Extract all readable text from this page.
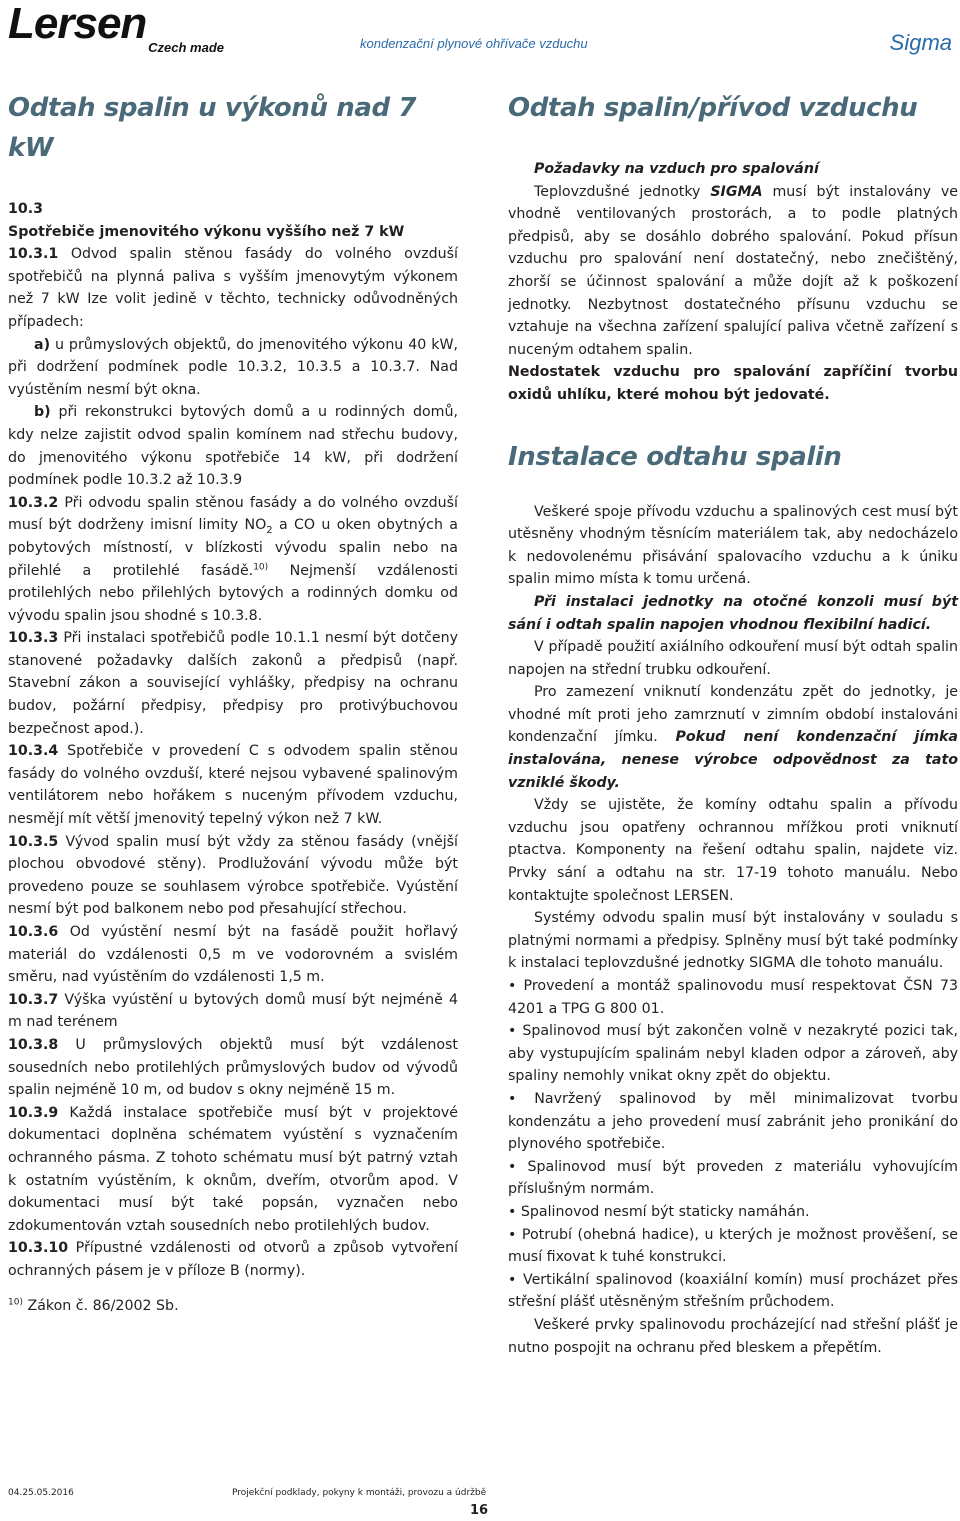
Lersen Czech made	kondenzační plynové ohřívače vzduchu	Sigma
Odtah spalin u výkonů nad 7 kW

10.3

Spotřebiče jmenovitého výkonu vyššího než 7 kW

10.3.1 Odvod spalin stěnou fasády do volného ovzduší spotřebičů na plynná paliva s vyšším jmenovytým výkonem než 7 kW Ize volit jedině v těchto, technicky odůvodněných případech:

a) u průmyslových objektů, do jmenovitého výkonu 40 kW, při dodržení podmínek podle 10.3.2, 10.3.5 a 10.3.7. Nad vyústěním nesmí být okna.

b) při rekonstrukci bytových domů a u rodinných domů, kdy nelze zajistit odvod spalin komínem nad střechu budovy, do jmenovitého výkonu spotřebiče 14 kW, při dodržení podmínek podle 10.3.2 až 10.3.9

10.3.2 Při odvodu spalin stěnou fasády a do volného ovzduší musí být dodrženy imisní limity $NO_2$ a CO u oken obytných a pobytových místností, v blízkosti vývodu spalin nebo na přilehlé a protilehlé fasádě.$^{10)}$ Nejmenší vzdálenosti protilehlých nebo přilehlých bytových a rodinných domku od vývodu spalin jsou shodné s 10.3.8.

10.3.3 Při instalaci spotřebičů podle 10.1.1 nesmí být dotčeny stanovené požadavky dalších zakonů a předpisů (např. Stavební zákon a související vyhlášky, předpisy na ochranu budov, požární předpisy, předpisy pro protivýbuchovou bezpečnost apod.).

10.3.4 Spotřebiče v provedení C s odvodem spalin stěnou fasády do volného ovzduší, které nejsou vybavené spalinovým ventilátorem nebo hořákem s nuceným přívodem vzduchu, nesmějí mít větší jmenovitý tepelný výkon než 7 kW.

10.3.5 Vývod spalin musí být vždy za stěnou fasády (vnější plochou obvodové stěny). Prodlužování vývodu může být provedeno pouze se souhlasem výrobce spotřebiče. Vyústění nesmí být pod balkonem nebo pod přesahující střechou.

10.3.6 Od vyústění nesmí být na fasádě použit hořlavý materiál do vzdálenosti 0,5 m ve vodorovném a svislém směru, nad vyústěním do vzdálenosti 1,5 m.

10.3.7 Výška vyústění u bytových domů musí být nejméně 4 m nad terénem

10.3.8 U průmyslových objektů musí být vzdálenost sousedních nebo protilehlých průmyslových budov od vývodů spalin nejméně 10 m, od budov s okny nejméně 15 m.

10.3.9 Každá instalace spotřebiče musí být v projektové dokumentaci doplněna schématem vyústění s vyznačením ochranného pásma. Z tohoto schématu musí být patrný vztah k ostatním vyústěním, k oknům, dveřím, otvorům apod. V dokumentaci musí být také popsán, vyznačen nebo zdokumentován vztah sousedních nebo protilehlých budov.

10.3.10 Přípustné vzdálenosti od otvorů a způsob vytvoření ochranných pásem je v příloze B (normy).

$^{10)}$ Zákon č. 86/2002 Sb.

Odtah spalin/přívod vzduchu

Požadavky na vzduch pro spalování

Teplovzdušné jednotky SIGMA musí být instalovány ve vhodně ventilovaných prostorách, a to podle platných předpisů, aby se dosáhlo dobrého spalování. Pokud přísun vzduchu pro spalování není dostatečný, nebo znečištěný, zhorší se účinnost spalování a může dojít až k poškození jednotky. Nezbytnost dostatečného přísunu vzduchu se vztahuje na všechna zařízení spalující paliva včetně zařízení s nuceným odtahem spalin.

Nedostatek vzduchu pro spalování zapříčiní tvorbu oxidů uhlíku, které mohou být jedovaté.

Instalace odtahu spalin

Veškeré spoje přívodu vzduchu a spalinových cest musí být utěsněny vhodným těsnícím materiálem tak, aby nedocházelo k nedovolenému přisávání spalovacího vzduchu a k úniku spalin mimo místa k tomu určená.

Při instalaci jednotky na otočné konzoli musí být sání i odtah spalin napojen vhodnou flexibilní hadicí.

V případě použití axiálního odkouření musí být odtah spalin napojen na střední trubku odkouření.

Pro zamezení vniknutí kondenzátu zpět do jednotky, je vhodné mít proti jeho zamrznutí v zimním období instalováni kondenzační jímku. Pokud není kondenzační jímka instalována, nenese výrobce odpovědnost za tato vzniklé škody.

Vždy se ujistěte, že komíny odtahu spalin a přívodu vzduchu jsou opatřeny ochrannou mřížkou proti vniknutí ptactva. Komponenty na řešení odtahu spalin, najdete viz. Prvky sání a odtahu na str. 17-19 tohoto manuálu. Nebo kontaktujte společnost LERSEN.

Systémy odvodu spalin musí být instalovány v souladu s platnými normami a předpisy. Splněny musí být také podmínky k instalaci teplovzdušné jednotky SIGMA dle tohoto manuálu.

• Provedení a montáž spalinovodu musí respektovat ČSN 73 4201 a TPG G 800 01.

• Spalinovod musí být zakončen volně v nezakryté pozici tak, aby vystupujícím spalinám nebyl kladen odpor a zároveň, aby spaliny nemohly vnikat okny zpět do objektu.

• Navržený spalinovod by měl minimalizovat tvorbu kondenzátu a jeho provedení musí zabránit jeho pronikání do plynového spotřebiče.

• Spalinovod musí být proveden z materiálu vyhovujícím příslušným normám.

• Spalinovod nesmí být staticky namáhán.

• Potrubí (ohebná hadice), u kterých je možnost prověšení, se musí fixovat k tuhé konstrukci.

• Vertikální spalinovod (koaxiální komín) musí procházet přes střešní plášť utěsněným střešním průchodem.

Veškeré prvky spalinovodu procházející nad střešní plášť je nutno pospojit na ochranu před bleskem a přepětím.

04.25.05.2016	Projekční podklady, pokyny k montáži, provozu a údržbě
16
